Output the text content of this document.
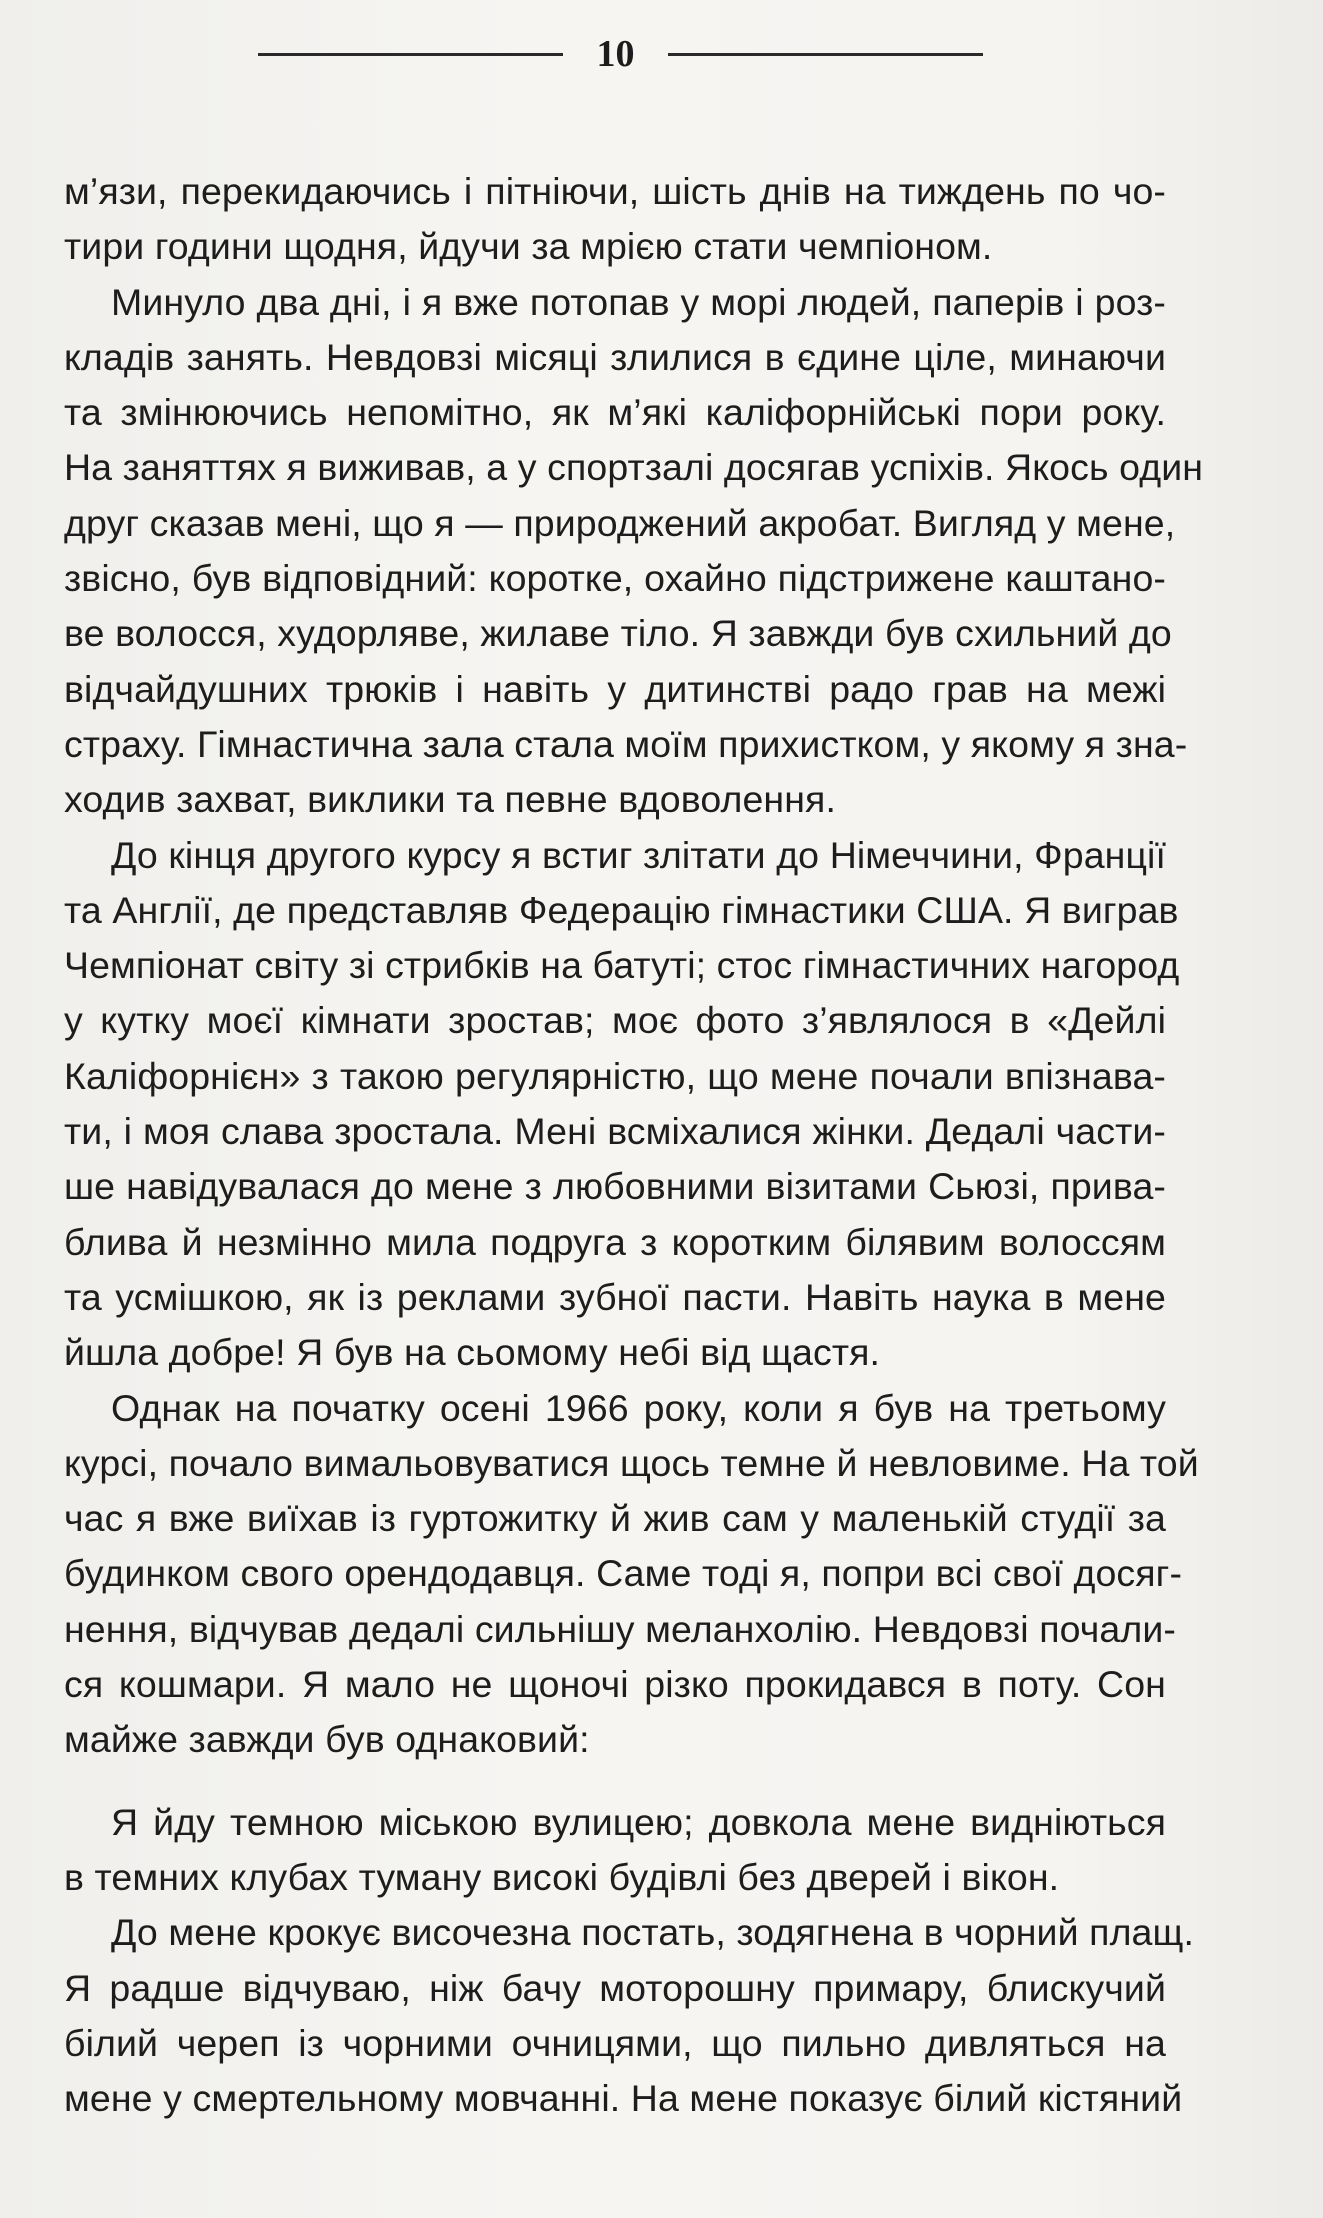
10
м’язи, перекидаючись і пітніючи, шість днів на тиждень по чо-
тири години щодня, йдучи за мрією стати чемпіоном.
Минуло два дні, і я вже потопав у морі людей, паперів і роз-
кладів занять. Невдовзі місяці злилися в єдине ціле, минаючи
та змінюючись непомітно, як м’які каліфорнійські пори року.
На заняттях я виживав, а у спортзалі досягав успіхів. Якось один
друг сказав мені, що я — природжений акробат. Вигляд у мене,
звісно, був відповідний: коротке, охайно підстрижене каштано-
ве волосся, худорляве, жилаве тіло. Я завжди був схильний до
відчайдушних трюків і навіть у дитинстві радо грав на межі
страху. Гімнастична зала стала моїм прихистком, у якому я зна-
ходив захват, виклики та певне вдоволення.
До кінця другого курсу я встиг злітати до Німеччини, Франції
та Англії, де представляв Федерацію гімнастики США. Я виграв
Чемпіонат світу зі стрибків на батуті; стос гімнастичних нагород
у кутку моєї кімнати зростав; моє фото з’являлося в «Дейлі
Каліфорнієн» з такою регулярністю, що мене почали впізнава-
ти, і моя слава зростала. Мені всміхалися жінки. Дедалі части-
ше навідувалася до мене з любовними візитами Сьюзі, прива-
блива й незмінно мила подруга з коротким білявим волоссям
та усмішкою, як із реклами зубної пасти. Навіть наука в мене
йшла добре! Я був на сьомому небі від щастя.
Однак на початку осені 1966 року, коли я був на третьому
курсі, почало вимальовуватися щось темне й невловиме. На той
час я вже виїхав із гуртожитку й жив сам у маленькій студії за
будинком свого орендодавця. Саме тоді я, попри всі свої досяг-
нення, відчував дедалі сильнішу меланхолію. Невдовзі почали-
ся кошмари. Я мало не щоночі різко прокидався в поту. Сон
майже завжди був однаковий:
Я йду темною міською вулицею; довкола мене видніються
в темних клубах туману високі будівлі без дверей і вікон.
До мене крокує височезна постать, зодягнена в чорний плащ.
Я радше відчуваю, ніж бачу моторошну примару, блискучий
білий череп із чорними очницями, що пильно дивляться на
мене у смертельному мовчанні. На мене показує білий кістяний
